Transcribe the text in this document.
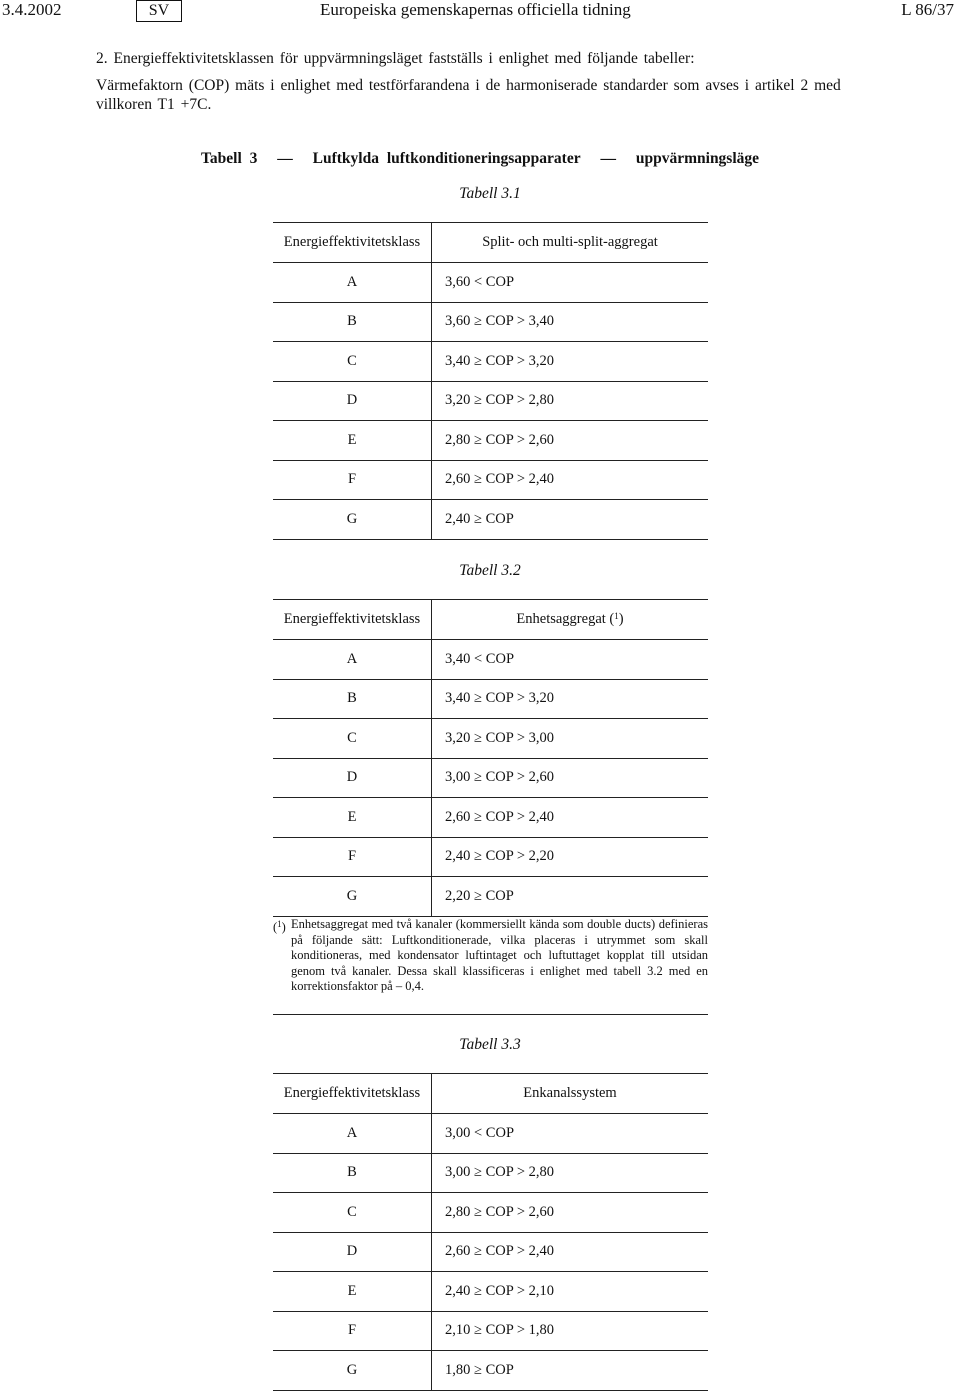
3.4.2002	SV	Europeiska gemenskapernas officiella tidning	L 86/37
2. Energieffektivitetsklassen för uppvärmningsläget fastställs i enlighet med följande tabeller:
Värmefaktorn (COP) mäts i enlighet med testförfarandena i de harmoniserade standarder som avses i artikel 2 med villkoren T1 +7C.
Tabell 3 — Luftkylda luftkonditioneringsapparater — uppvärmningsläge
Tabell 3.1
Energieffektivitetsklass	Split- och multi-split-aggregat
A	3,60 < COP
B	3,60 ≥ COP > 3,40
C	3,40 ≥ COP > 3,20
D	3,20 ≥ COP > 2,80
E	2,80 ≥ COP > 2,60
F	2,60 ≥ COP > 2,40
G	2,40 ≥ COP
Tabell 3.2
Energieffektivitetsklass	Enhetsaggregat ($^1$)
A	3,40 < COP
B	3,40 ≥ COP > 3,20
C	3,20 ≥ COP > 3,00
D	3,00 ≥ COP > 2,60
E	2,60 ≥ COP > 2,40
F	2,40 ≥ COP > 2,20
G	2,20 ≥ COP
($^1$) Enhetsaggregat med två kanaler (kommersiellt kända som double ducts) definieras på följande sätt: Luftkonditionerade, vilka placeras i utrymmet som skall konditioneras, med kondensator luftintaget och luftuttaget kopplat till utsidan genom två kanaler. Dessa skall klassificeras i enlighet med tabell 3.2 med en korrektionsfaktor på – 0,4.
Tabell 3.3
Energieffektivitetsklass	Enkanalssystem
A	3,00 < COP
B	3,00 ≥ COP > 2,80
C	2,80 ≥ COP > 2,60
D	2,60 ≥ COP > 2,40
E	2,40 ≥ COP > 2,10
F	2,10 ≥ COP > 1,80
G	1,80 ≥ COP
